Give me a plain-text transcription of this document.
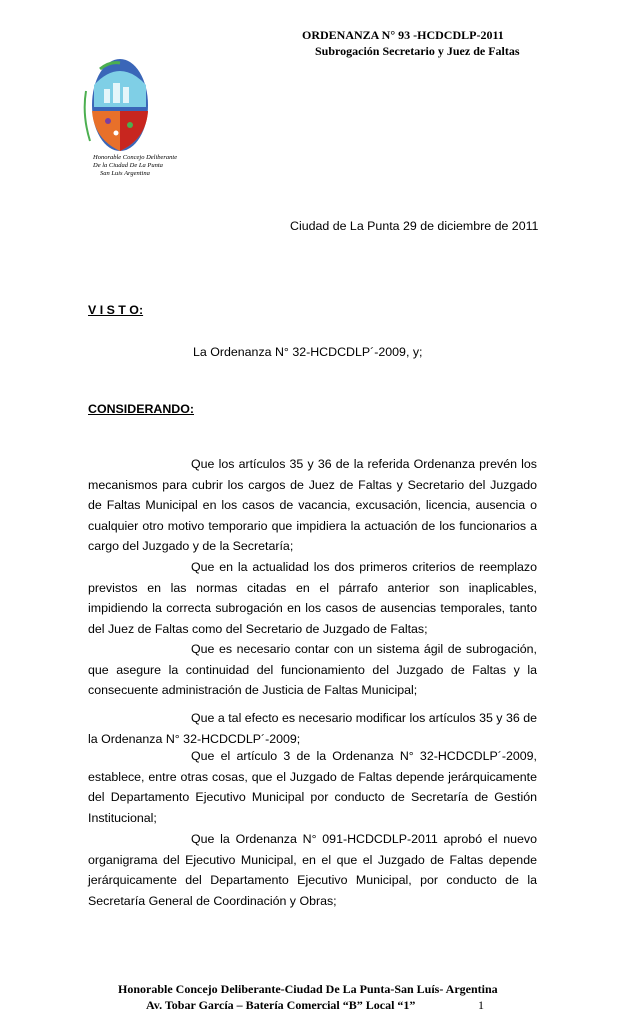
ORDENANZA N° 93 -HCDCDLP-2011
Subrogación Secretario y Juez de Faltas
Honorable Concejo Deliberante
De la Ciudad De La Punta
San Luis Argentina
Ciudad de La Punta 29 de diciembre de 2011
V I S T O:
La Ordenanza N° 32-HCDCDLP´-2009, y;
CONSIDERANDO:

Que los artículos 35 y 36 de la referida Ordenanza prevén los mecanismos para cubrir los cargos de Juez de Faltas y Secretario del Juzgado de Faltas Municipal en los casos de vacancia, excusación, licencia, ausencia o cualquier otro motivo temporario que impidiera la actuación de los funcionarios a cargo del Juzgado y de la Secretaría;

Que en la actualidad los dos primeros criterios de reemplazo previstos en las normas citadas en el párrafo anterior son inaplicables, impidiendo la correcta subrogación en los casos de ausencias temporales, tanto del Juez de Faltas como del Secretario de Juzgado de Faltas;

Que es necesario contar con un sistema ágil de subrogación, que asegure la continuidad del funcionamiento del Juzgado de Faltas y la consecuente administración de Justicia de Faltas Municipal;

Que a tal efecto es necesario modificar los artículos 35 y 36 de la Ordenanza N° 32-HCDCDLP´-2009;

Que el artículo 3 de la Ordenanza N° 32-HCDCDLP´-2009, establece, entre otras cosas, que el Juzgado de Faltas depende jerárquicamente del Departamento Ejecutivo Municipal por conducto de Secretaría de Gestión Institucional;

Que la Ordenanza N° 091-HCDCDLP-2011 aprobó el nuevo organigrama del Ejecutivo Municipal, en el que el Juzgado de Faltas depende jerárquicamente del Departamento Ejecutivo Municipal, por conducto de la Secretaría General de Coordinación y Obras;

Honorable Concejo Deliberante-Ciudad De La Punta-San Luís- Argentina
Av. Tobar García – Batería Comercial “B” Local “1”	1
